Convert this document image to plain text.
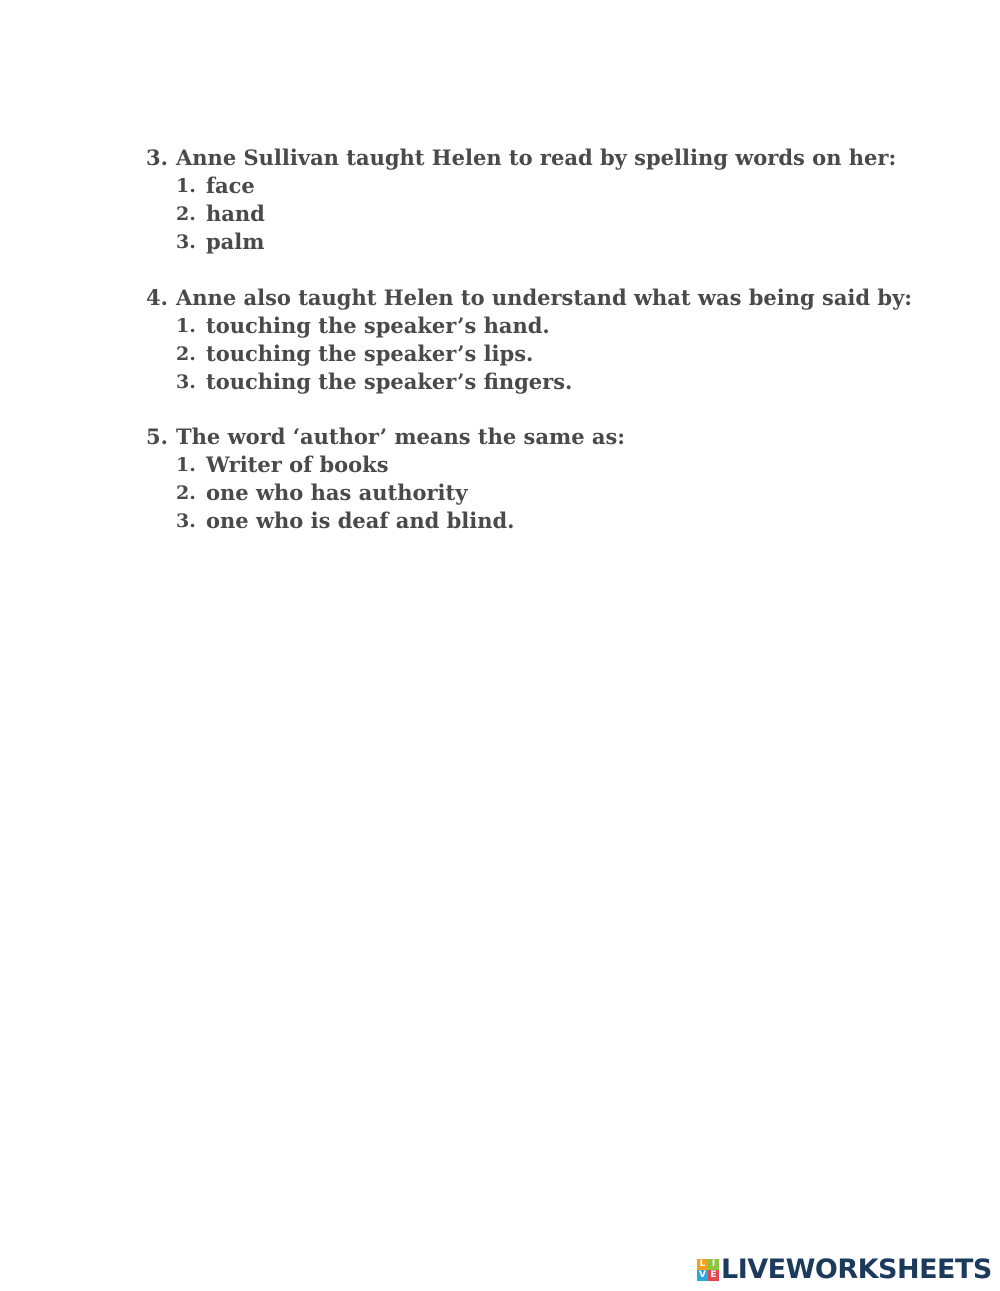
3. Anne Sullivan taught Helen to read by spelling words on her:
1. face
2. hand
3. palm
4. Anne also taught Helen to understand what was being said by:
1. touching the speaker’s hand.
2. touching the speaker’s lips.
3. touching the speaker’s fingers.
5. The word ‘author’ means the same as:
1. Writer of books
2. one who has authority
3. one who is deaf and blind.
L I
V E LIVEWORKSHEETS
